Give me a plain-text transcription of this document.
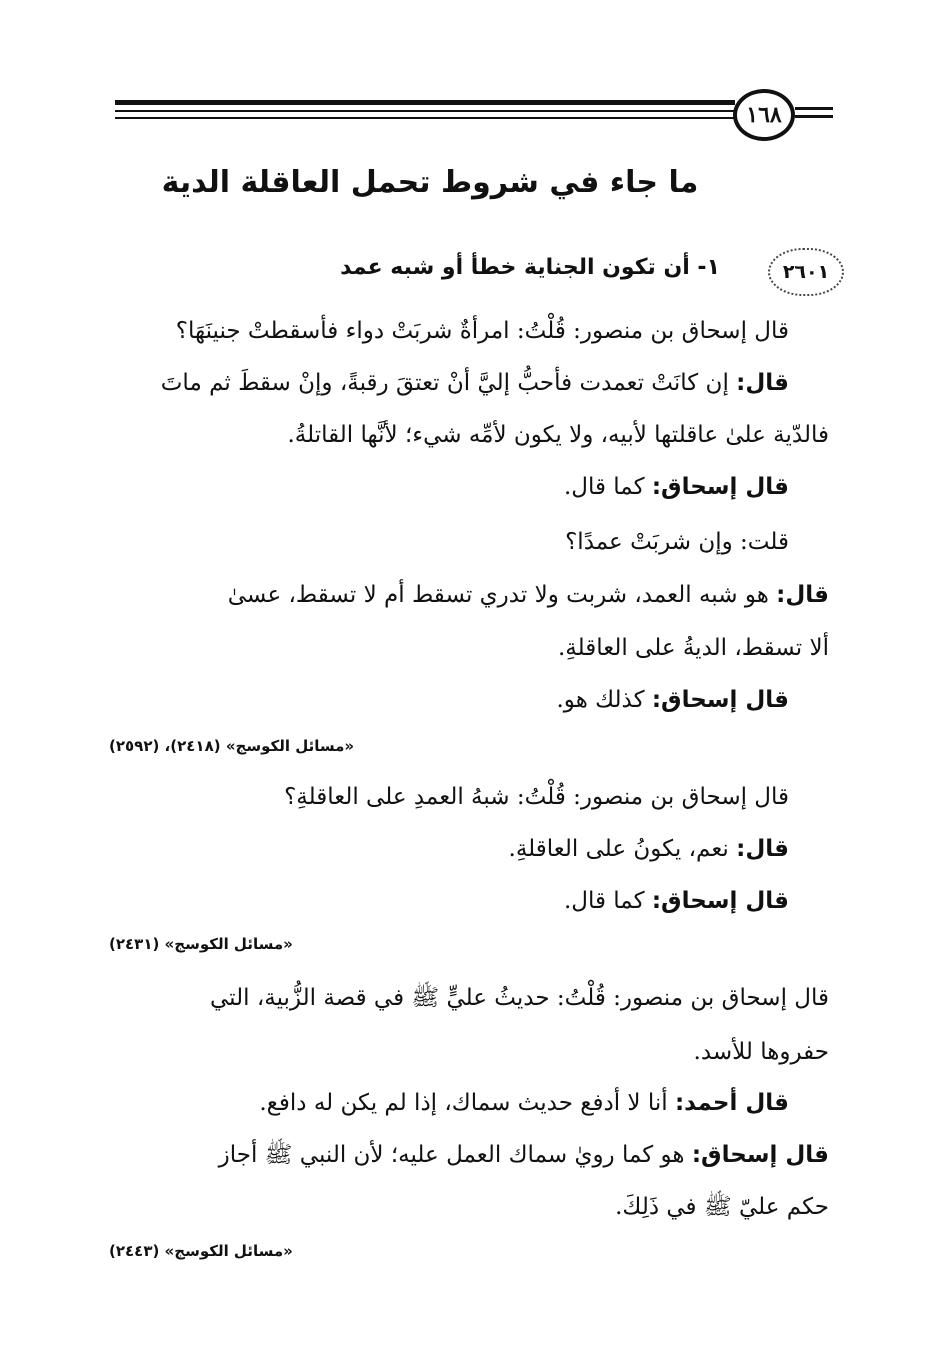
١٦٨
ما جاء في شروط تحمل العاقلة الدية
٢٦٠١
١- أن تكون الجناية خطأ أو شبه عمد
قال إسحاق بن منصور: قُلْتُ: امرأةٌ شربَتْ دواء فأسقطتْ جنينَهَا؟
قال: إن كانَتْ تعمدت فأحبُّ إليَّ أنْ تعتقَ رقبةً، وإنْ سقطَ ثم ماتَ
فالدّية علىٰ عاقلتها لأبيه، ولا يكون لأمِّه شيء؛ لأنَّها القاتلةُ.
قال إسحاق: كما قال.
قلت: وإن شربَتْ عمدًا؟
قال: هو شبه العمد، شربت ولا تدري تسقط أم لا تسقط، عسىٰ
ألا تسقط، الديةُ على العاقلةِ.
قال إسحاق: كذلك هو.
«مسائل الكوسج» (٢٤١٨)، (٢٥٩٢)
قال إسحاق بن منصور: قُلْتُ: شبهُ العمدِ على العاقلةِ؟
قال: نعم، يكونُ على العاقلةِ.
قال إسحاق: كما قال.
«مسائل الكوسج» (٢٤٣١)
قال إسحاق بن منصور: قُلْتُ: حديثُ عليٍّ ﷺ في قصة الزُّبية، التي
حفروها للأسد.
قال أحمد: أنا لا أدفع حديث سماك، إذا لم يكن له دافع.
قال إسحاق: هو كما رويٰ سماك العمل عليه؛ لأن النبي ﷺ أجاز
حكم عليّ ﷺ في ذَلِكَ.
«مسائل الكوسج» (٢٤٤٣)
